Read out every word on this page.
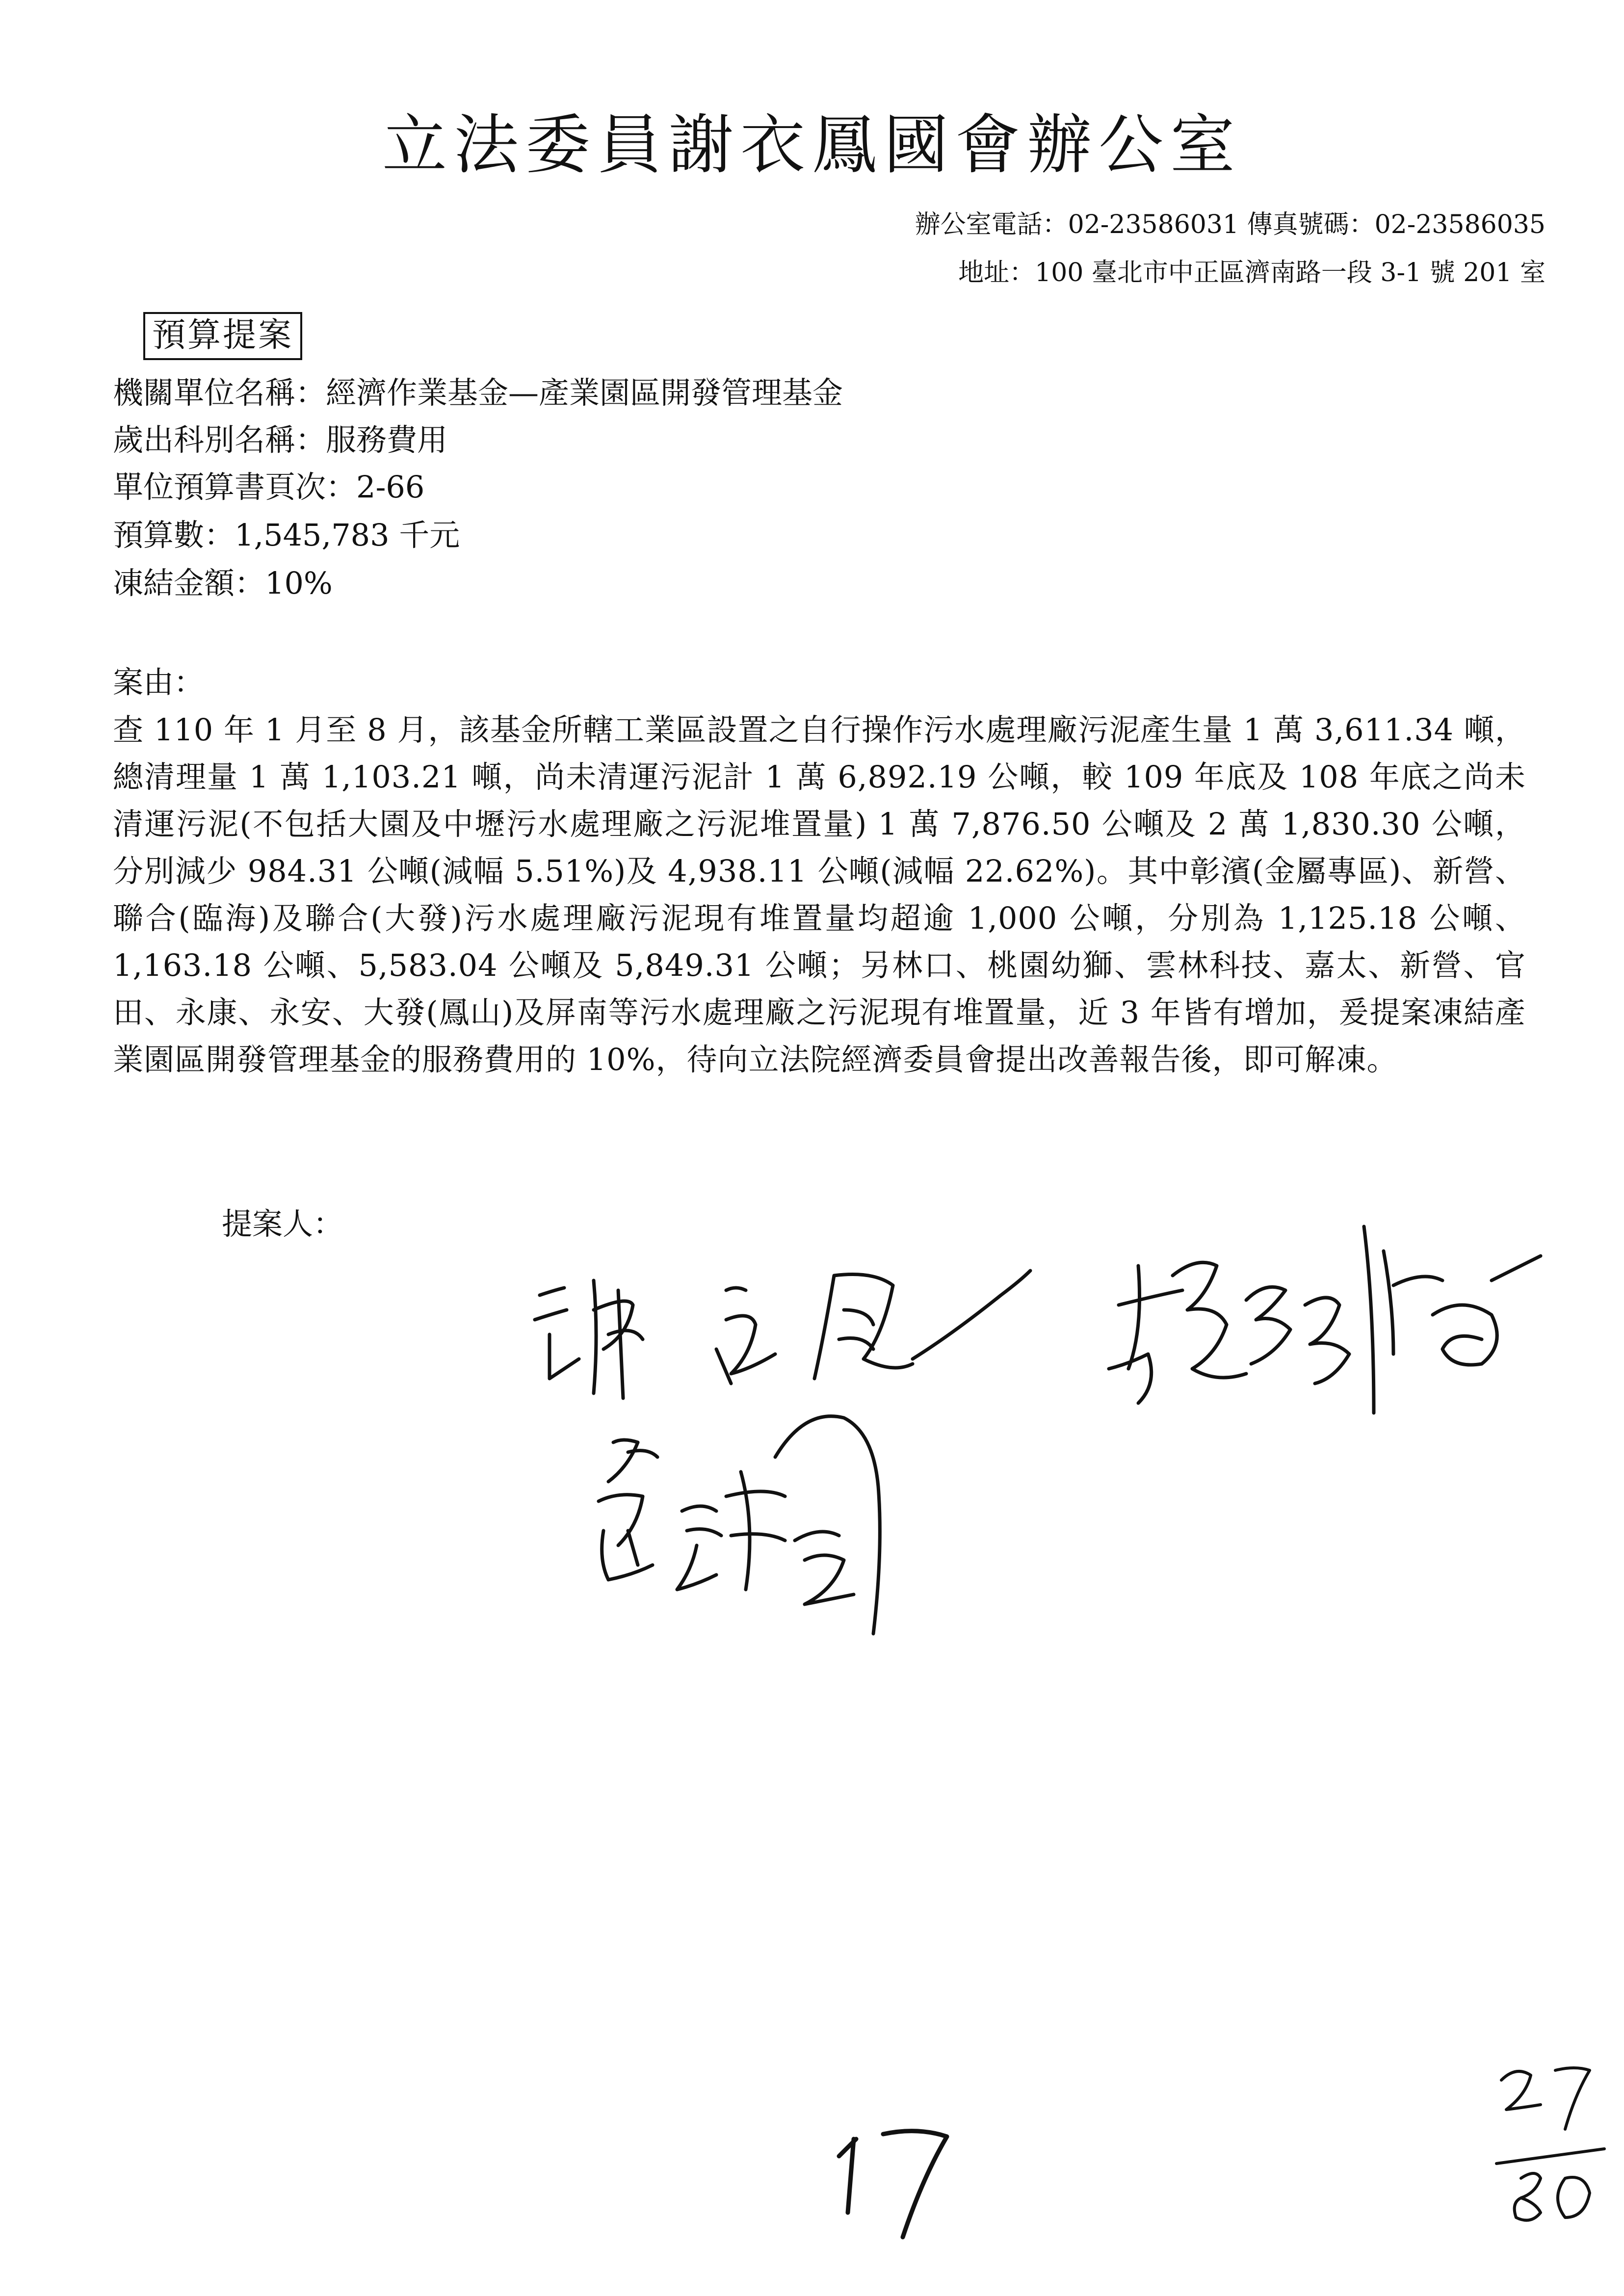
立法委員謝衣鳳國會辦公室
辦公室電話：02-23586031 傳真號碼：02-23586035
地址：100 臺北市中正區濟南路一段 3-1 號 201 室
預算提案
機關單位名稱：經濟作業基金—產業園區開發管理基金
歲出科別名稱：服務費用
單位預算書頁次：2-66
預算數：1,545,783 千元
凍結金額：10%
案由：
查 110 年 1 月至 8 月，該基金所轄工業區設置之自行操作污水處理廠污泥產生量 1 萬 3,611.34 噸，總清理量 1 萬 1,103.21 噸，尚未清運污泥計 1 萬 6,892.19 公噸，較 109 年底及 108 年底之尚未清運污泥(不包括大園及中壢污水處理廠之污泥堆置量) 1 萬 7,876.50 公噸及 2 萬 1,830.30 公噸，分別減少 984.31 公噸(減幅 5.51%)及 4,938.11 公噸(減幅 22.62%)。其中彰濱(金屬專區)、新營、聯合(臨海)及聯合(大發)污水處理廠污泥現有堆置量均超逾 1,000 公噸，分別為 1,125.18 公噸、1,163.18 公噸、5,583.04 公噸及 5,849.31 公噸；另林口、桃園幼獅、雲林科技、嘉太、新營、官田、永康、永安、大發(鳳山)及屏南等污水處理廠之污泥現有堆置量，近 3 年皆有增加，爰提案凍結產業園區開發管理基金的服務費用的 10%，待向立法院經濟委員會提出改善報告後，即可解凍。
提案人：
